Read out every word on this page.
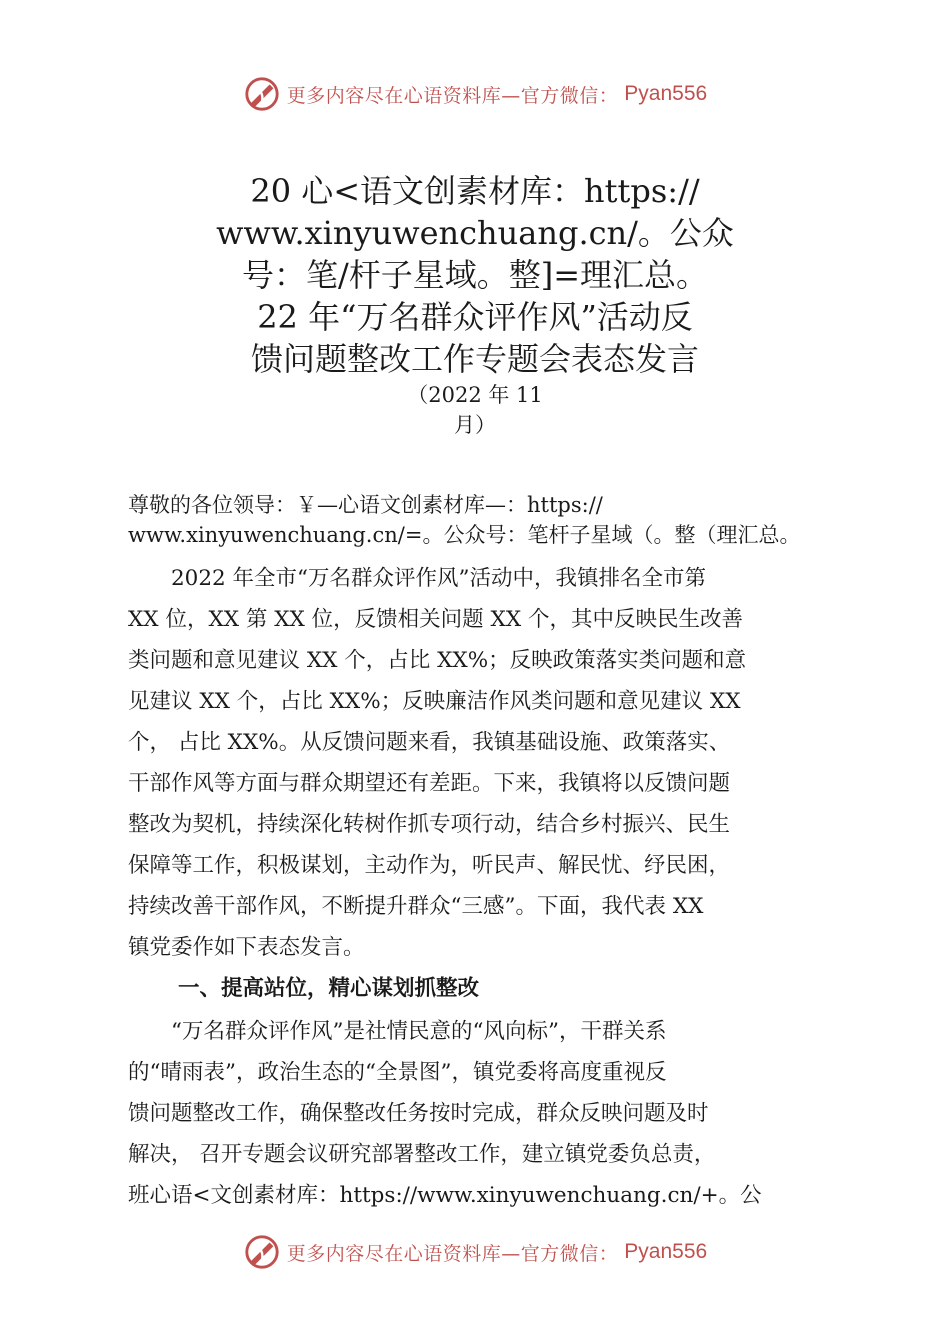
更多内容尽在心语资料库—官方微信： Pyan556
20 心<语文创素材库：https://
www.xinyuwenchuang.cn/。公众
号：笔/杆子星域。整]=理汇总。
22 年“万名群众评作风”活动反
馈问题整改工作专题会表态发言
（2022 年 11
月）
尊敬的各位领导：￥—心语文创素材库—：https://
www.xinyuwenchuang.cn/=。公众号：笔杆子星域（。整（理汇总。
　　2022 年全市“万名群众评作风”活动中，我镇排名全市第
XX 位，XX 第 XX 位，反馈相关问题 XX 个，其中反映民生改善
类问题和意见建议 XX 个，占比 XX%；反映政策落实类问题和意
见建议 XX 个，占比 XX%；反映廉洁作风类问题和意见建议 XX
个， 占比 XX%。从反馈问题来看，我镇基础设施、政策落实、
干部作风等方面与群众期望还有差距。下来，我镇将以反馈问题
整改为契机，持续深化转树作抓专项行动，结合乡村振兴、民生
保障等工作，积极谋划，主动作为，听民声、解民忧、纾民困，
持续改善干部作风，不断提升群众“三感”。下面，我代表 XX
镇党委作如下表态发言。
一、提高站位，精心谋划抓整改
　　“万名群众评作风”是社情民意的“风向标”，干群关系
的“晴雨表”，政治生态的“全景图”，镇党委将高度重视反
馈问题整改工作，确保整改任务按时完成，群众反映问题及时
解决， 召开专题会议研究部署整改工作，建立镇党委负总责，
班心语<文创素材库：https://www.xinyuwenchuang.cn/+。公
更多内容尽在心语资料库—官方微信： Pyan556
